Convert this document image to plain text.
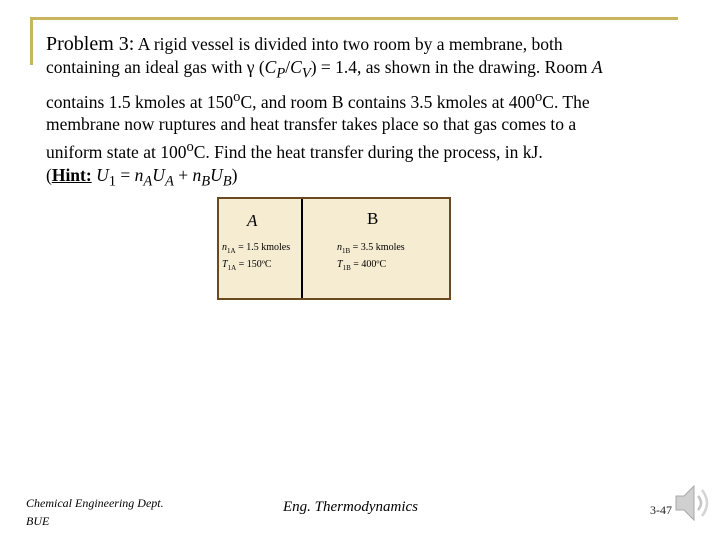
Problem 3: A rigid vessel is divided into two room by a membrane, both
containing an ideal gas with γ $(C_P/C_V) = 1.4$, as shown in the drawing. Room A
contains 1.5 kmoles at 150$^o$C, and room B contains 3.5 kmoles at 400$^o$C. The
membrane now ruptures and heat transfer takes place so that gas comes to a
uniform state at 100$^o$C. Find the heat transfer during the process, in kJ.
(Hint: $U_1 = n_AU_A + n_BU_B$)
A
$n_{1A} = 1.5$ kmoles
$T_{1A}$ = 150ºC
B
$n_{1B} = 3.5$ kmoles
$T_{1B}$ = 400ºC
Chemical Engineering Dept.
BUE
Eng. Thermodynamics	3-47
